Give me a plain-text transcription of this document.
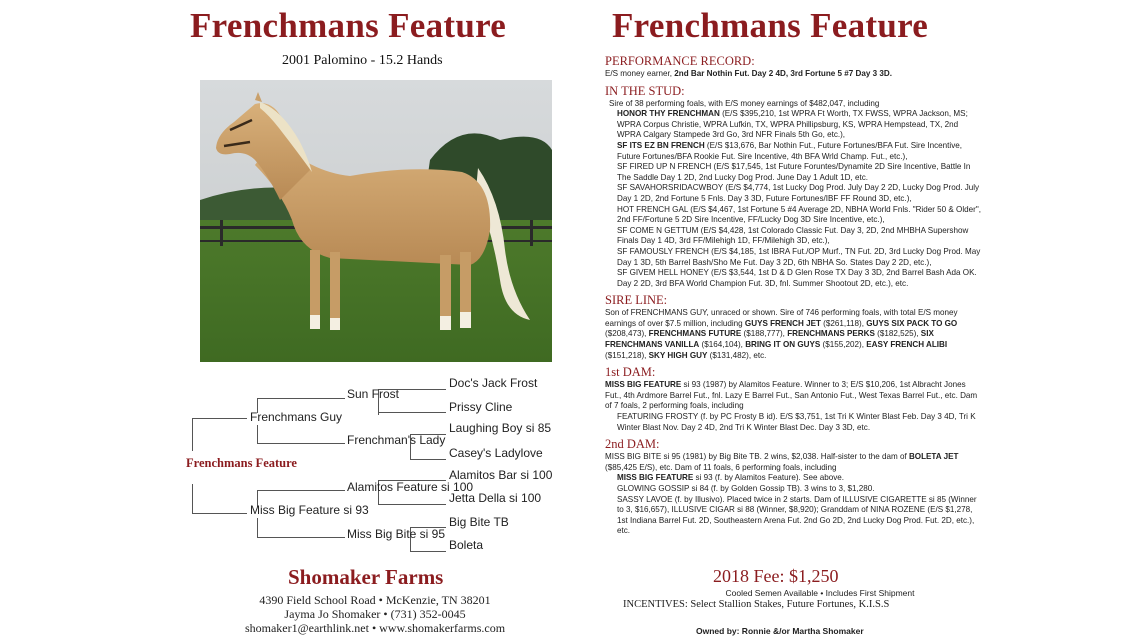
Frenchmans Feature
2001 Palomino - 15.2 Hands
Frenchmans Feature
Frenchmans Guy
Miss Big Feature si 93
Sun Frost
Frenchman's Lady
Alamitos Feature si 100
Miss Big Bite si 95
Doc's Jack Frost
Prissy Cline
Laughing Boy si 85
Casey's Ladylove
Alamitos Bar si 100
Jetta Della si 100
Big Bite TB
Boleta
Shomaker Farms
4390 Field School Road • McKenzie, TN 38201
Jayma Jo Shomaker • (731) 352-0045
shomaker1@earthlink.net • www.shomakerfarms.com
Frenchmans Feature
PERFORMANCE RECORD:
E/S money earner, 2nd Bar Nothin Fut. Day 2 4D, 3rd Fortune 5 #7 Day 3 3D.
IN THE STUD:
Sire of 38 performing foals, with E/S money earnings of $482,047, including
HONOR THY FRENCHMAN (E/S $395,210, 1st WPRA Ft Worth, TX FWSS, WPRA Jackson, MS; WPRA Corpus Christie, WPRA Lufkin, TX, WPRA Phillipsburg, KS, WPRA Hempstead, TX, 2nd WPRA Calgary Stampede 3rd Go, 3rd NFR Finals 5th Go, etc.),
SF ITS EZ BN FRENCH (E/S $13,676, Bar Nothin Fut., Future Fortunes/BFA Fut. Sire Incentive, Future Fortunes/BFA Rookie Fut. Sire Incentive, 4th BFA Wrld Champ. Fut., etc.),
SF FIRED UP N FRENCH (E/S $17,545, 1st Future Foruntes/Dynamite 2D Sire Incentive, Battle In The Saddle Day 1 2D, 2nd Lucky Dog Prod. June Day 1 Adult 1D, etc.
SF SAVAHORSRIDACWBOY (E/S $4,774, 1st Lucky Dog Prod. July Day 2 2D, Lucky Dog Prod. July Day 1 2D, 2nd Fortune 5 Fnls. Day 3 3D, Future Fortunes/IBF FF Round 3D, etc.),
HOT FRENCH GAL (E/S $4,467, 1st Fortune 5 #4 Average 2D, NBHA World Fnls. "Rider 50 & Older", 2nd FF/Fortune 5 2D Sire Incentive, FF/Lucky Dog 3D Sire Incentive, etc.),
SF COME N GETTUM (E/S $4,428, 1st Colorado Classic Fut. Day 3, 2D, 2nd MHBHA Supershow Finals Day 1 4D, 3rd FF/Milehigh 1D, FF/Milehigh 3D, etc.),
SF FAMOUSLY FRENCH (E/S $4,185, 1st IBRA Fut./OP Murf., TN Fut. 2D, 3rd Lucky Dog Prod. May Day 1 3D, 5th Barrel Bash/Sho Me Fut. Day 3 2D, 6th NBHA So. States Day 2 2D, etc.),
SF GIVEM HELL HONEY (E/S $3,544, 1st D & D Glen Rose TX Day 3 3D, 2nd Barrel Bash Ada OK. Day 2 2D, 3rd BFA World Champion Fut. 3D, fnl. Summer Shootout 2D, etc.), etc.
SIRE LINE:
Son of FRENCHMANS GUY, unraced or shown. Sire of 746 performing foals, with total E/S money earnings of over $7.5 million, including GUYS FRENCH JET ($261,118), GUYS SIX PACK TO GO ($208,473), FRENCHMANS FUTURE ($188,777), FRENCHMANS PERKS ($182,525), SIX FRENCHMANS VANILLA ($164,104), BRING IT ON GUYS ($155,202), EASY FRENCH ALIBI ($151,218), SKY HIGH GUY ($131,482), etc.
1st DAM:
MISS BIG FEATURE si 93 (1987) by Alamitos Feature. Winner to 3; E/S $10,206, 1st Albracht Jones Fut., 4th Ardmore Barrel Fut., fnl. Lazy E Barrel Fut., San Antonio Fut., West Texas Barrel Fut., etc. Dam of 7 foals, 2 performing foals, including
FEATURING FROSTY (f. by PC Frosty B id). E/S $3,751, 1st Tri K Winter Blast Feb. Day 3 4D, Tri K Winter Blast Nov. Day 2 4D, 2nd Tri K Winter Blast Dec. Day 3 3D, etc.
2nd DAM:
MISS BIG BITE si 95 (1981) by Big Bite TB. 2 wins, $2,038. Half-sister to the dam of BOLETA JET ($85,425 E/S), etc. Dam of 11 foals, 6 performing foals, including
MISS BIG FEATURE si 93 (f. by Alamitos Feature). See above.
GLOWING GOSSIP si 84 (f. by Golden Gossip TB). 3 wins to 3, $1,280.
SASSY LAVOE (f. by Illusivo). Placed twice in 2 starts. Dam of ILLUSIVE CIGARETTE si 85 (Winner to 3, $16,657), ILLUSIVE CIGAR si 88 (Winner, $8,920); Granddam of NINA ROZENE (E/S $1,278, 1st Indiana Barrel Fut. 2D, Southeastern Arena Fut. 2nd Go 2D, 2nd Lucky Dog Prod. Fut. 2D, etc.), etc.
2018 Fee: $1,250
Cooled Semen Available • Includes First Shipment
INCENTIVES: Select Stallion Stakes, Future Fortunes, K.I.S.S
Owned by: Ronnie &/or Martha Shomaker
